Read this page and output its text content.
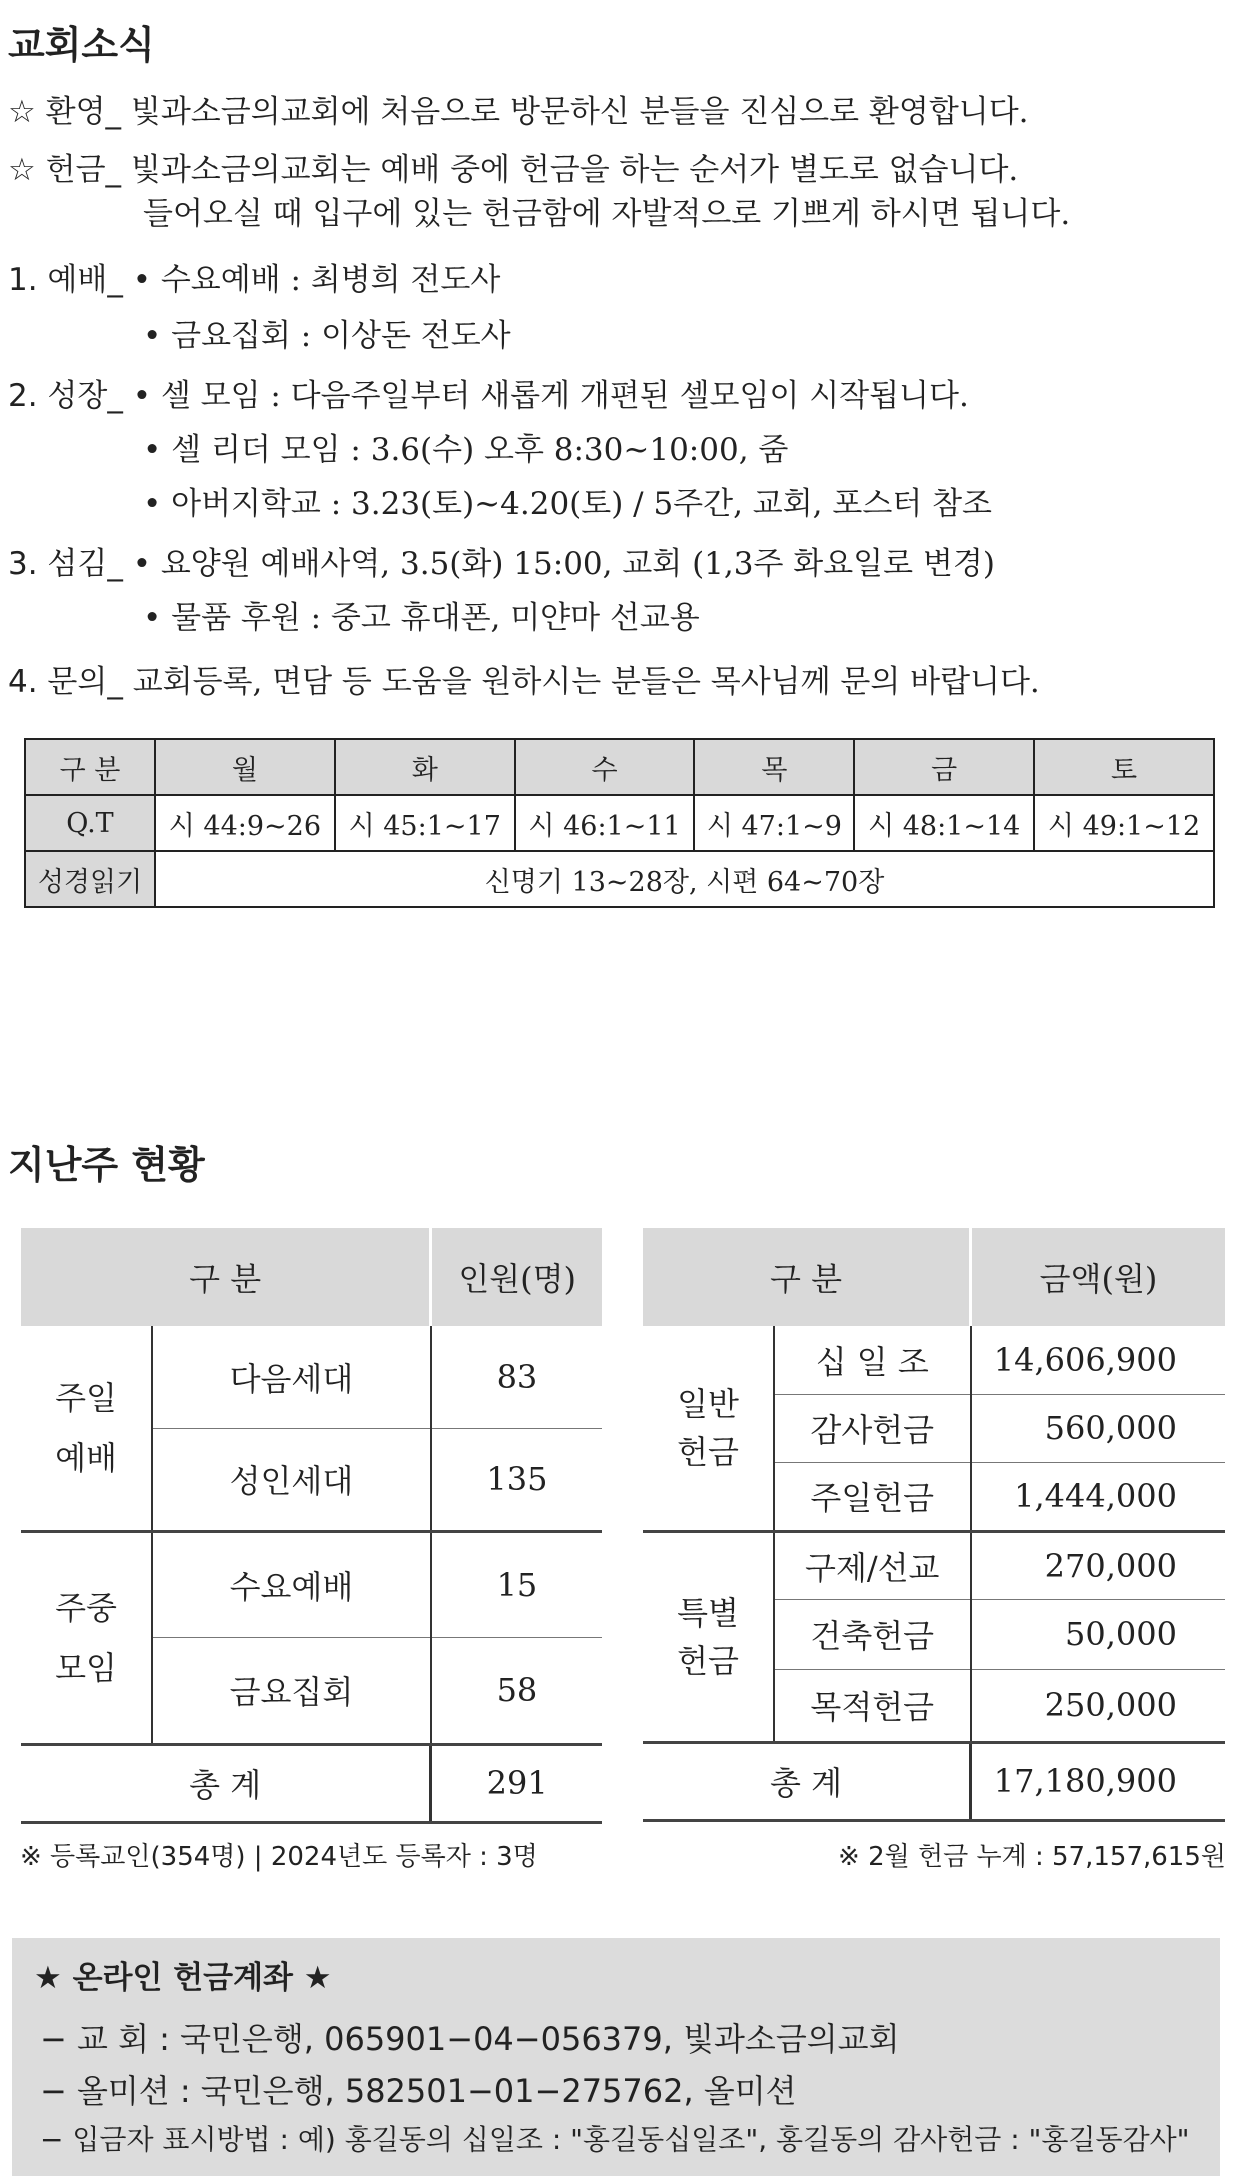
교회소식
☆ 환영_ 빛과소금의교회에 처음으로 방문하신 분들을 진심으로 환영합니다.
☆ 헌금_ 빛과소금의교회는 예배 중에 헌금을 하는 순서가 별도로 없습니다.
들어오실 때 입구에 있는 헌금함에 자발적으로 기쁘게 하시면 됩니다.
1. 예배_ • 수요예배 : 최병희 전도사
• 금요집회 : 이상돈 전도사
2. 성장_ • 셀 모임 : 다음주일부터 새롭게 개편된 셀모임이 시작됩니다.
• 셀 리더 모임 : 3.6(수) 오후 8:30~10:00, 줌
• 아버지학교 : 3.23(토)~4.20(토) / 5주간, 교회, 포스터 참조
3. 섬김_ • 요양원 예배사역, 3.5(화) 15:00, 교회 (1,3주 화요일로 변경)
• 물품 후원 : 중고 휴대폰, 미얀마 선교용
4. 문의_ 교회등록, 면담 등 도움을 원하시는 분들은 목사님께 문의 바랍니다.
구 분	월	화	수	목	금	토
Q.T	시 44:9~26	시 45:1~17	시 46:1~11	시 47:1~9	시 48:1~14	시 49:1~12
성경읽기	신명기 13~28장, 시편 64~70장					
지난주 현황
구 분		인원(명)
주일
예배	다음세대	83
	성인세대	135
주중
모임	수요예배	15
	금요집회	58
총 계		291
구 분		금액(원)
일반
헌금	십 일 조	14,606,900
	감사헌금	560,000
	주일헌금	1,444,000
특별
헌금	구제/선교	270,000
	건축헌금	50,000
	목적헌금	250,000
총 계		17,180,900
※ 등록교인(354명) | 2024년도 등록자 : 3명	※ 2월 헌금 누계 : 57,157,615원
★ 온라인 헌금계좌 ★
− 교 회 : 국민은행, 065901−04−056379, 빛과소금의교회
− 올미션 : 국민은행, 582501−01−275762, 올미션
− 입금자 표시방법 : 예) 홍길동의 십일조 : "홍길동십일조", 홍길동의 감사헌금 : "홍길동감사"
